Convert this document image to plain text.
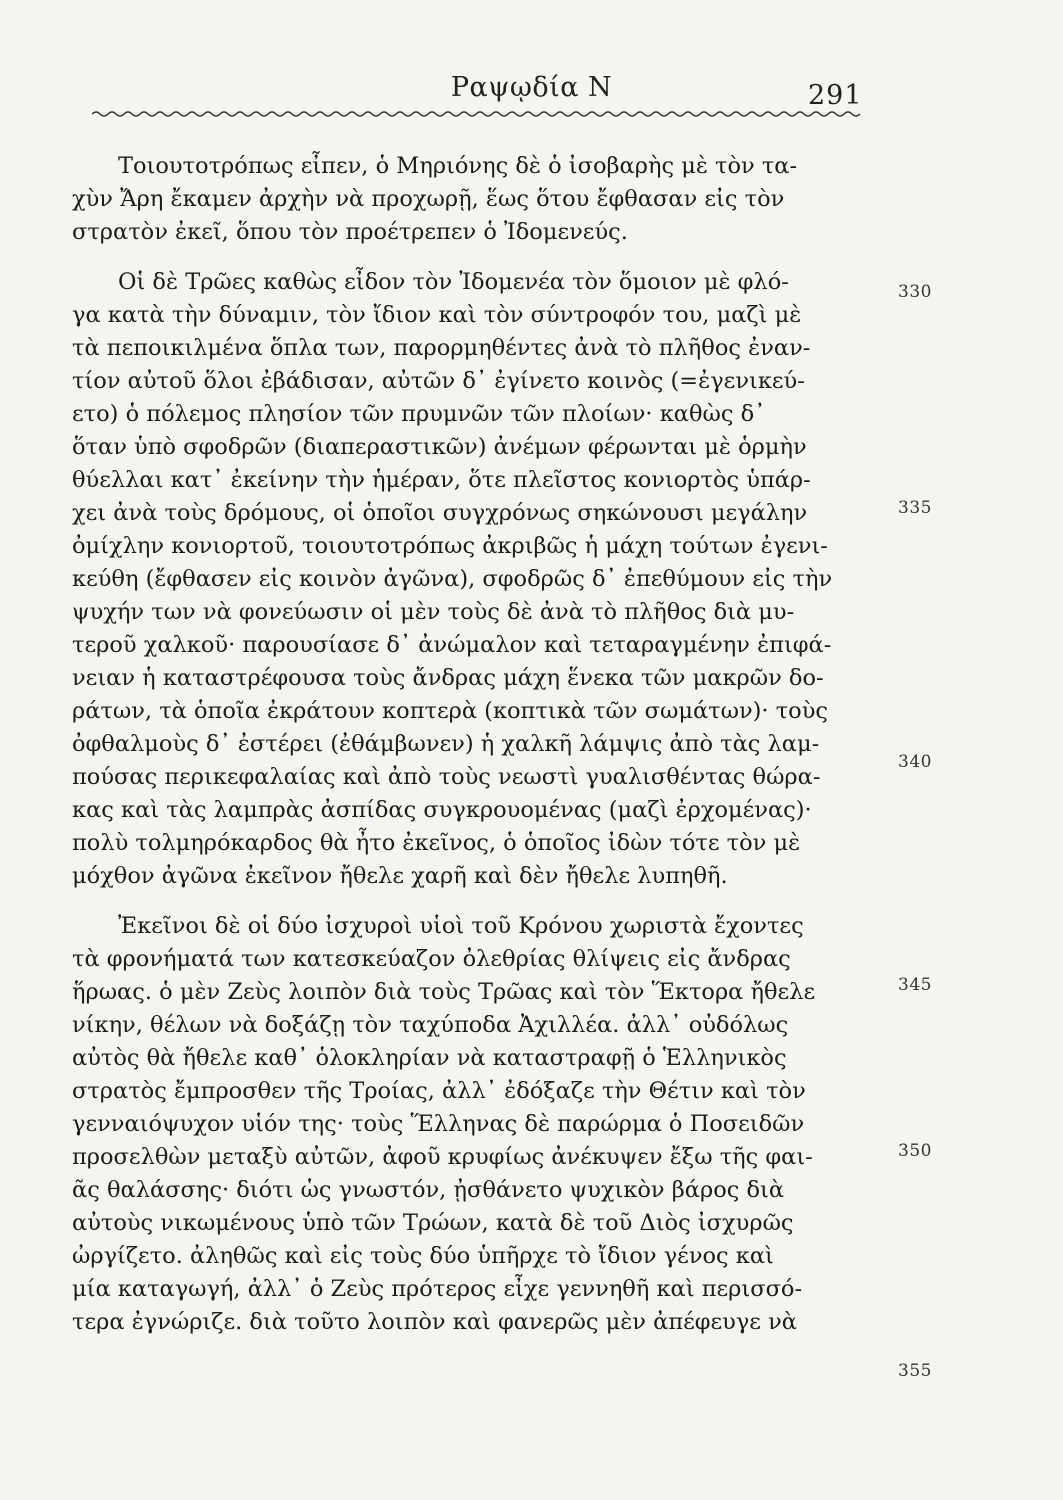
Ραψῳδία Ν	291
Τοιουτοτρόπως εἶπεν, ὁ Μηριόνης δὲ ὁ ἰσοβαρὴς μὲ τὸν τα-
χὺν Ἄρη ἔκαμεν ἀρχὴν νὰ προχωρῇ, ἕως ὅτου ἔφθασαν εἰς τὸν
στρατὸν ἐκεῖ, ὅπου τὸν προέτρεπεν ὁ Ἰδομενεύς.
Οἱ δὲ Τρῶες καθὼς εἶδον τὸν Ἰδομενέα τὸν ὅμοιον μὲ φλό-
γα κατὰ τὴν δύναμιν, τὸν ἴδιον καὶ τὸν σύντροφόν του, μαζὶ μὲ
τὰ πεποικιλμένα ὅπλα των, παρορμηθέντες ἀνὰ τὸ πλῆθος ἐναν-
τίον αὐτοῦ ὅλοι ἐβάδισαν, αὐτῶν δ᾽ ἐγίνετο κοινὸς (=ἐγενικεύ-
ετο) ὁ πόλεμος πλησίον τῶν πρυμνῶν τῶν πλοίων· καθὼς δ᾽
ὅταν ὑπὸ σφοδρῶν (διαπεραστικῶν) ἀνέμων φέρωνται μὲ ὁρμὴν
θύελλαι κατ᾽ ἐκείνην τὴν ἡμέραν, ὅτε πλεῖστος κονιορτὸς ὑπάρ-
χει ἀνὰ τοὺς δρόμους, οἱ ὁποῖοι συγχρόνως σηκώνουσι μεγάλην
ὀμίχλην κονιορτοῦ, τοιουτοτρόπως ἀκριβῶς ἡ μάχη τούτων ἐγενι-
κεύθη (ἔφθασεν εἰς κοινὸν ἀγῶνα), σφοδρῶς δ᾽ ἐπεθύμουν εἰς τὴν
ψυχήν των νὰ φονεύωσιν οἱ μὲν τοὺς δὲ ἀνὰ τὸ πλῆθος διὰ μυ-
τεροῦ χαλκοῦ· παρουσίασε δ᾽ ἀνώμαλον καὶ τεταραγμένην ἐπιφά-
νειαν ἡ καταστρέφουσα τοὺς ἄνδρας μάχη ἕνεκα τῶν μακρῶν δο-
ράτων, τὰ ὁποῖα ἐκράτουν κοπτερὰ (κοπτικὰ τῶν σωμάτων)· τοὺς
ὀφθαλμοὺς δ᾽ ἐστέρει (ἐθάμβωνεν) ἡ χαλκῆ λάμψις ἀπὸ τὰς λαμ-
πούσας περικεφαλαίας καὶ ἀπὸ τοὺς νεωστὶ γυαλισθέντας θώρα-
κας καὶ τὰς λαμπρὰς ἀσπίδας συγκρουομένας (μαζὶ ἐρχομένας)·
πολὺ τολμηρόκαρδος θὰ ἦτο ἐκεῖνος, ὁ ὁποῖος ἰδὼν τότε τὸν μὲ
μόχθον ἀγῶνα ἐκεῖνον ἤθελε χαρῆ καὶ δὲν ἤθελε λυπηθῆ.
Ἐκεῖνοι δὲ οἱ δύο ἰσχυροὶ υἱοὶ τοῦ Κρόνου χωριστὰ ἔχοντες
τὰ φρονήματά των κατεσκεύαζον ὀλεθρίας θλίψεις εἰς ἄνδρας
ἥρωας. ὁ μὲν Ζεὺς λοιπὸν διὰ τοὺς Τρῶας καὶ τὸν Ἕκτορα ἤθελε
νίκην, θέλων νὰ δοξάζῃ τὸν ταχύποδα Ἀχιλλέα. ἀλλ᾽ οὐδόλως
αὐτὸς θὰ ἤθελε καθ᾽ ὁλοκληρίαν νὰ καταστραφῇ ὁ Ἑλληνικὸς
στρατὸς ἔμπροσθεν τῆς Τροίας, ἀλλ᾽ ἐδόξαζε τὴν Θέτιν καὶ τὸν
γενναιόψυχον υἱόν της· τοὺς Ἕλληνας δὲ παρώρμα ὁ Ποσειδῶν
προσελθὼν μεταξὺ αὐτῶν, ἀφοῦ κρυφίως ἀνέκυψεν ἔξω τῆς φαι-
ᾶς θαλάσσης· διότι ὡς γνωστόν, ᾐσθάνετο ψυχικὸν βάρος διὰ
αὐτοὺς νικωμένους ὑπὸ τῶν Τρώων, κατὰ δὲ τοῦ Διὸς ἰσχυρῶς
ὠργίζετο. ἀληθῶς καὶ εἰς τοὺς δύο ὑπῆρχε τὸ ἴδιον γένος καὶ
μία καταγωγή, ἀλλ᾽ ὁ Ζεὺς πρότερος εἶχε γεννηθῆ καὶ περισσό-
τερα ἐγνώριζε. διὰ τοῦτο λοιπὸν καὶ φανερῶς μὲν ἀπέφευγε νὰ
330
335
340
345
350
355
